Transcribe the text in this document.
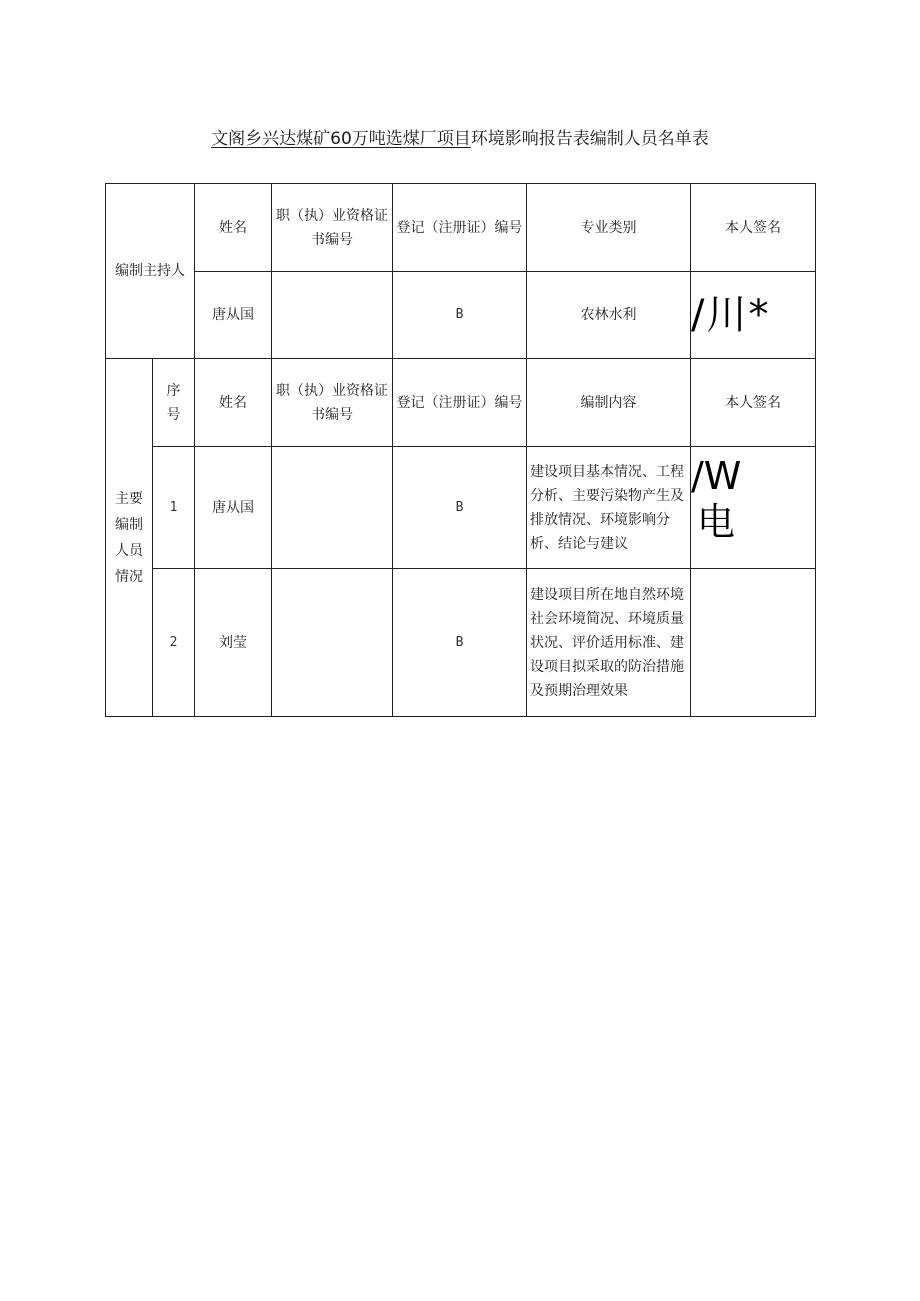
文阁乡兴达煤矿60万吨选煤厂项目环境影响报告表编制人员名单表
编制主持人		姓名	职（执）业资格证书编号	登记（注册证）编号	专业类别	本人签名
		唐从国		B	农林水利	/川*
主要编制人员情况	序号	姓名	职（执）业资格证书编号	登记（注册证）编号	编制内容	本人签名
	1	唐从国		B	建设项目基本情况、工程分析、主要污染物产生及排放情况、环境影响分析、结论与建议	/W
电

	2	刘莹		B	建设项目所在地自然环境社会环境简况、环境质量状况、评价适用标准、建设项目拟采取的防治措施及预期治理效果	
